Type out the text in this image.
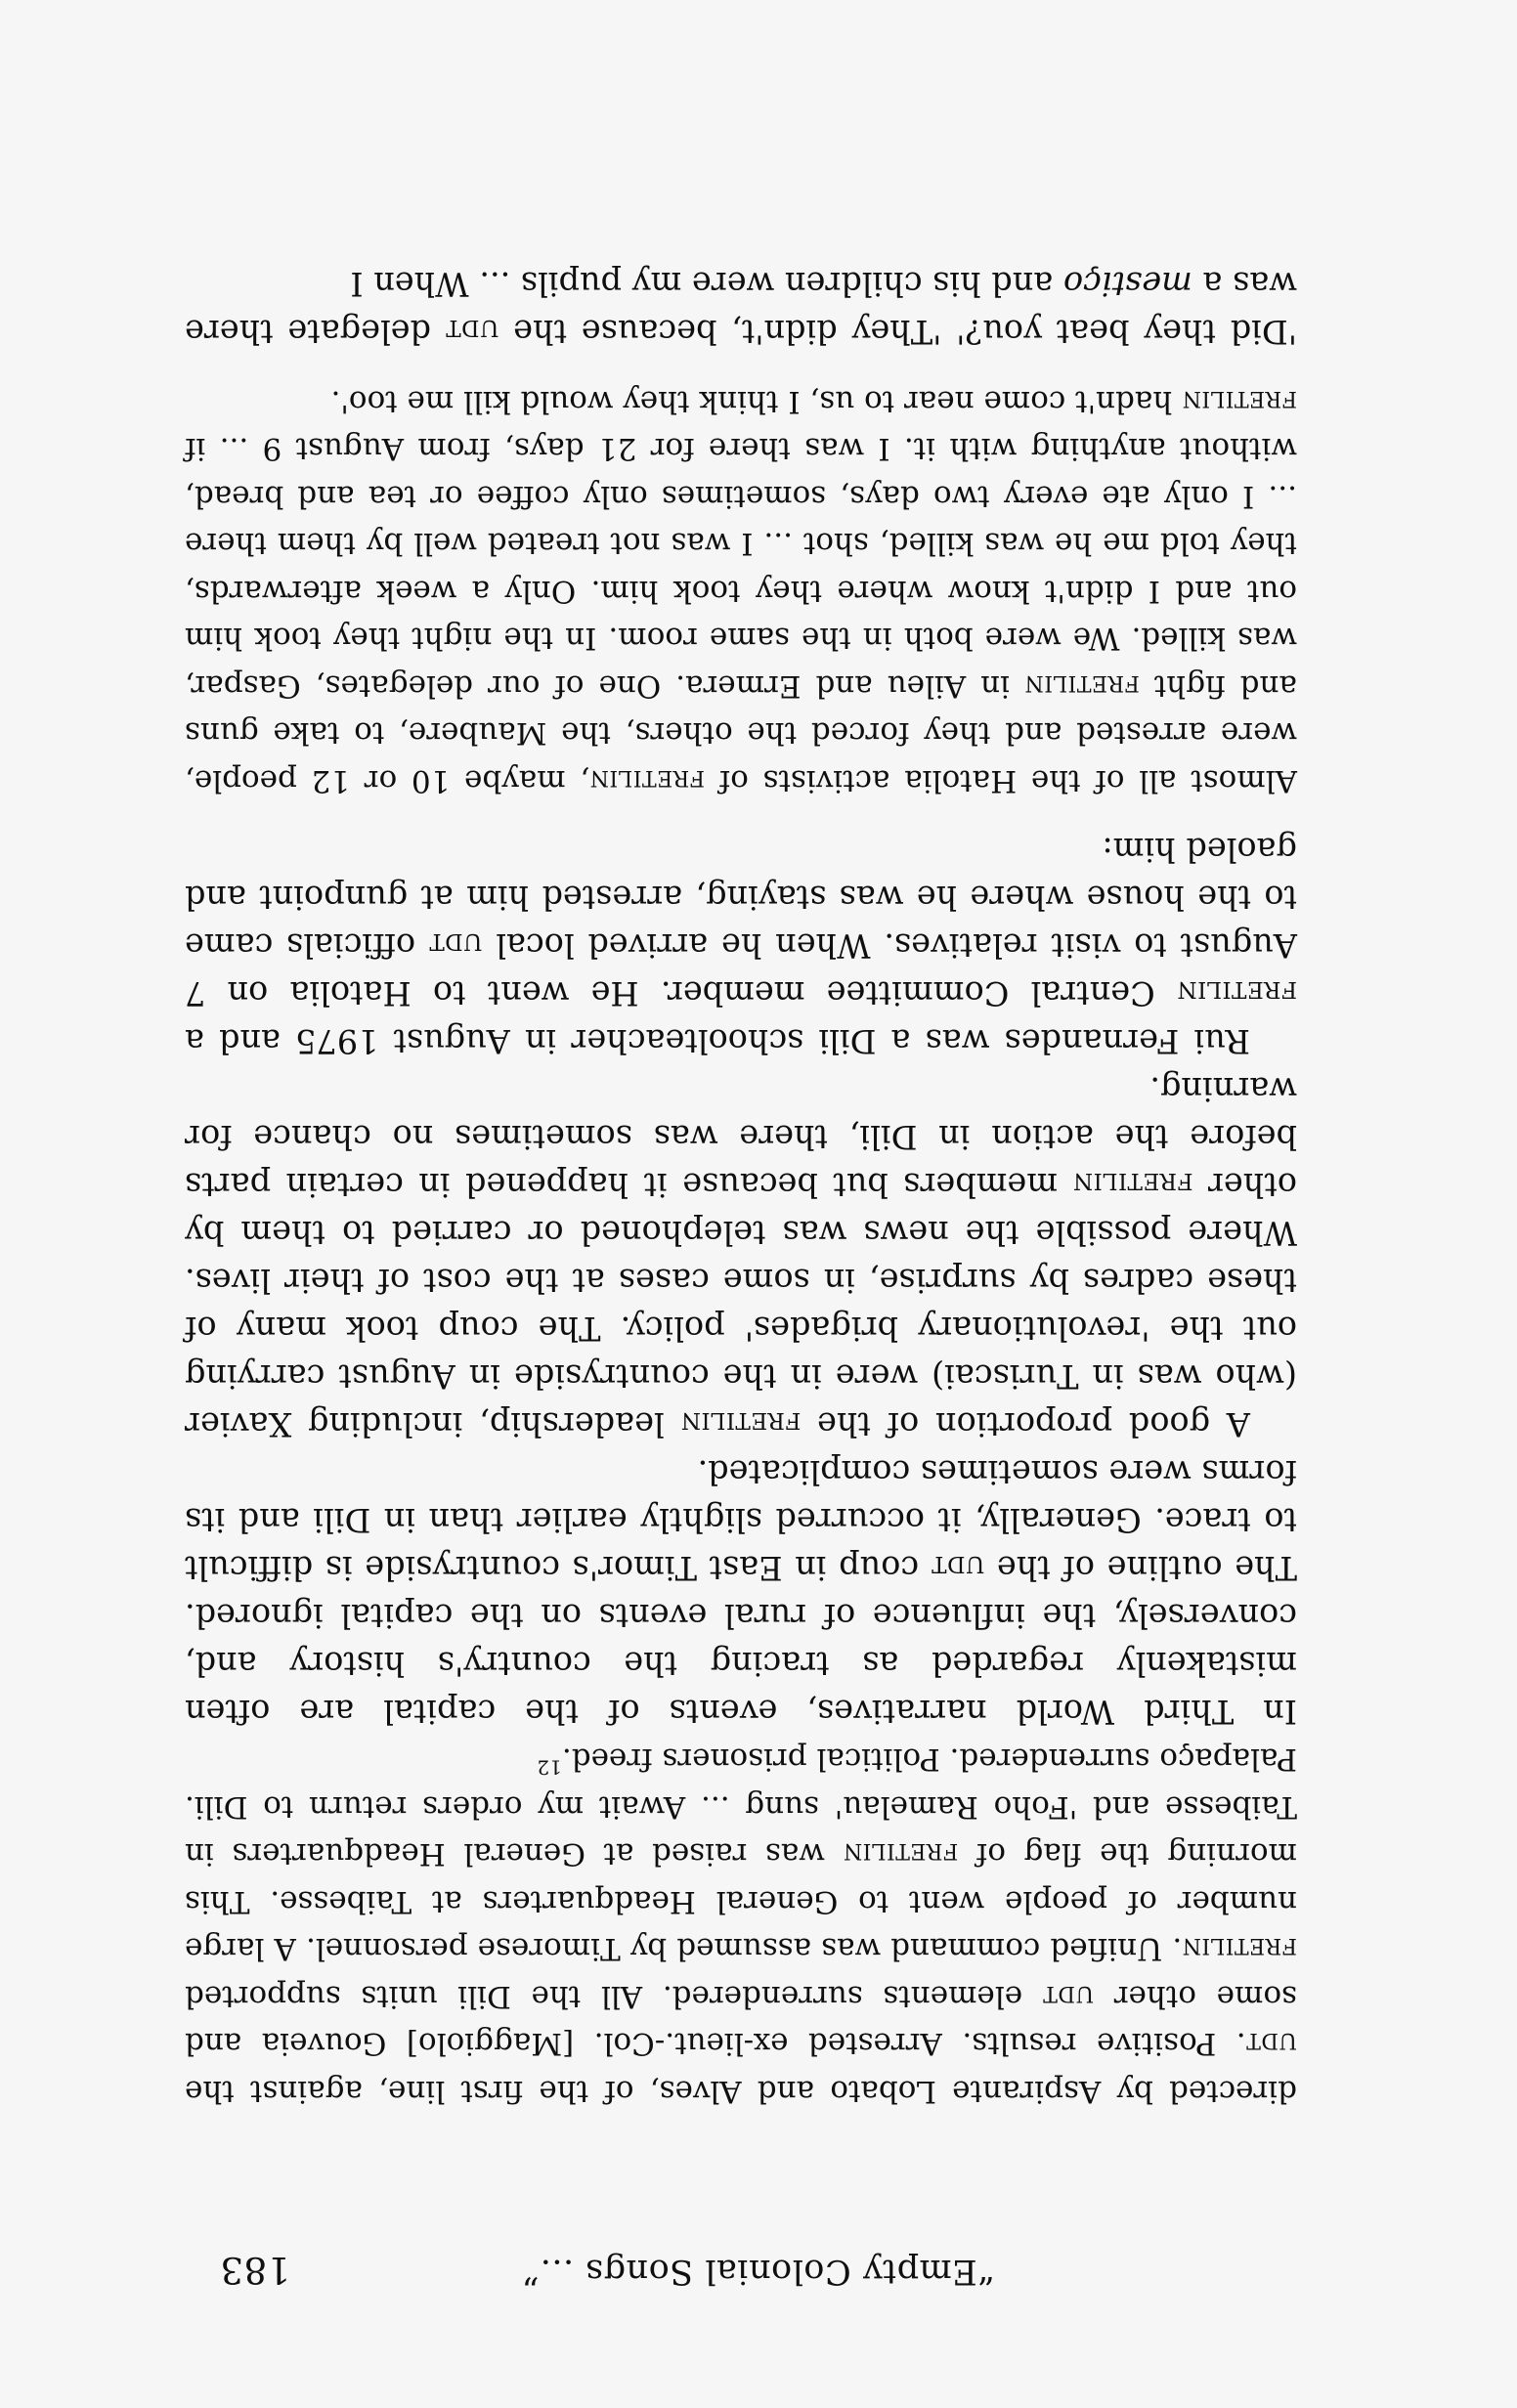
“Empty Colonial Songs ...”
183

directed by Aspirante Lobato and Alves, of the first line, against the udt. Positive results. Arrested ex-lieut.-Col. [Maggiolo] Gouveia and some other udt elements surrendered. All the Dili units supported fretilin. Unified command was assumed by Timorese personnel. A large number of people went to General Headquarters at Taibesse. This morning the flag of fretilin was raised at General Headquarters in Taibesse and 'Foho Ramelau' sung ... Await my orders return to Dili. Palapaço surrendered. Political prisoners freed.$^{12}$

In Third World narratives, events of the capital are often mistakenly regarded as tracing the country's history and, conversely, the influence of rural events on the capital ignored. The outline of the udt coup in East Timor's countryside is difficult to trace. Generally, it occurred slightly earlier than in Dili and its forms were sometimes complicated.

A good proportion of the fretilin leadership, including Xavier (who was in Turiscai) were in the countryside in August carrying out the 'revolutionary brigades' policy. The coup took many of these cadres by surprise, in some cases at the cost of their lives. Where possible the news was telephoned or carried to them by other fretilin members but because it happened in certain parts before the action in Dili, there was sometimes no chance for warning.

Rui Fernandes was a Dili schoolteacher in August 1975 and a fretilin Central Committee member. He went to Hatolia on 7 August to visit relatives. When he arrived local udt officials came to the house where he was staying, arrested him at gunpoint and gaoled him:

Almost all of the Hatolia activists of fretilin, maybe 10 or 12 people, were arrested and they forced the others, the Maubere, to take guns and fight fretilin in Aileu and Ermera. One of our delegates, Gaspar, was killed. We were both in the same room. In the night they took him out and I didn't know where they took him. Only a week afterwards, they told me he was killed, shot ... I was not treated well by them there ... I only ate every two days, sometimes only coffee or tea and bread, without anything with it. I was there for 21 days, from August 9 ... if fretilin hadn't come near to us, I think they would kill me too'.

'Did they beat you?' 'They didn't, because the udt delegate there was a mestiço and his children were my pupils ... When I
